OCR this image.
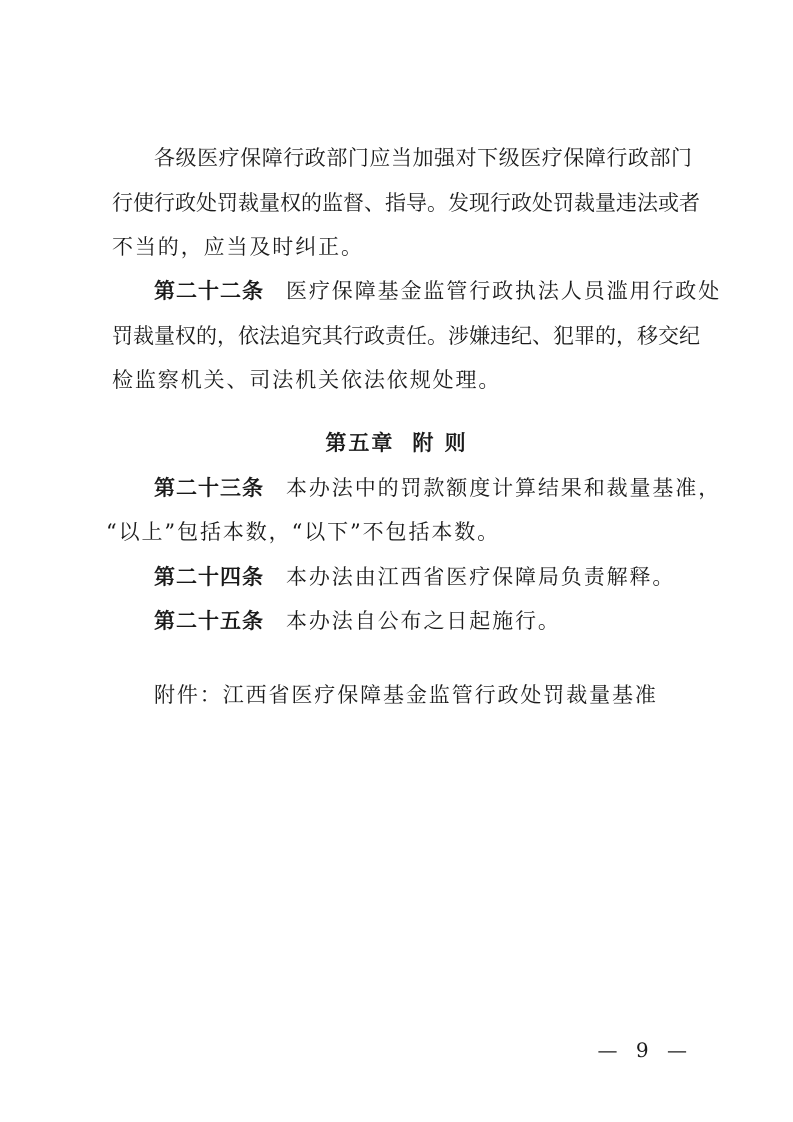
各级医疗保障行政部门应当加强对下级医疗保障行政部门
行使行政处罚裁量权的监督、指导。发现行政处罚裁量违法或者
不当的，应当及时纠正。
第二十二条 医疗保障基金监管行政执法人员滥用行政处
罚裁量权的，依法追究其行政责任。涉嫌违纪、犯罪的，移交纪
检监察机关、司法机关依法依规处理。
第二十三条 本办法中的罚款额度计算结果和裁量基准，
“以上”包括本数，“以下”不包括本数。
第二十四条 本办法由江西省医疗保障局负责解释。
第二十五条 本办法自公布之日起施行。
附件：江西省医疗保障基金监管行政处罚裁量基准
第五章 附 则
— 9 —
